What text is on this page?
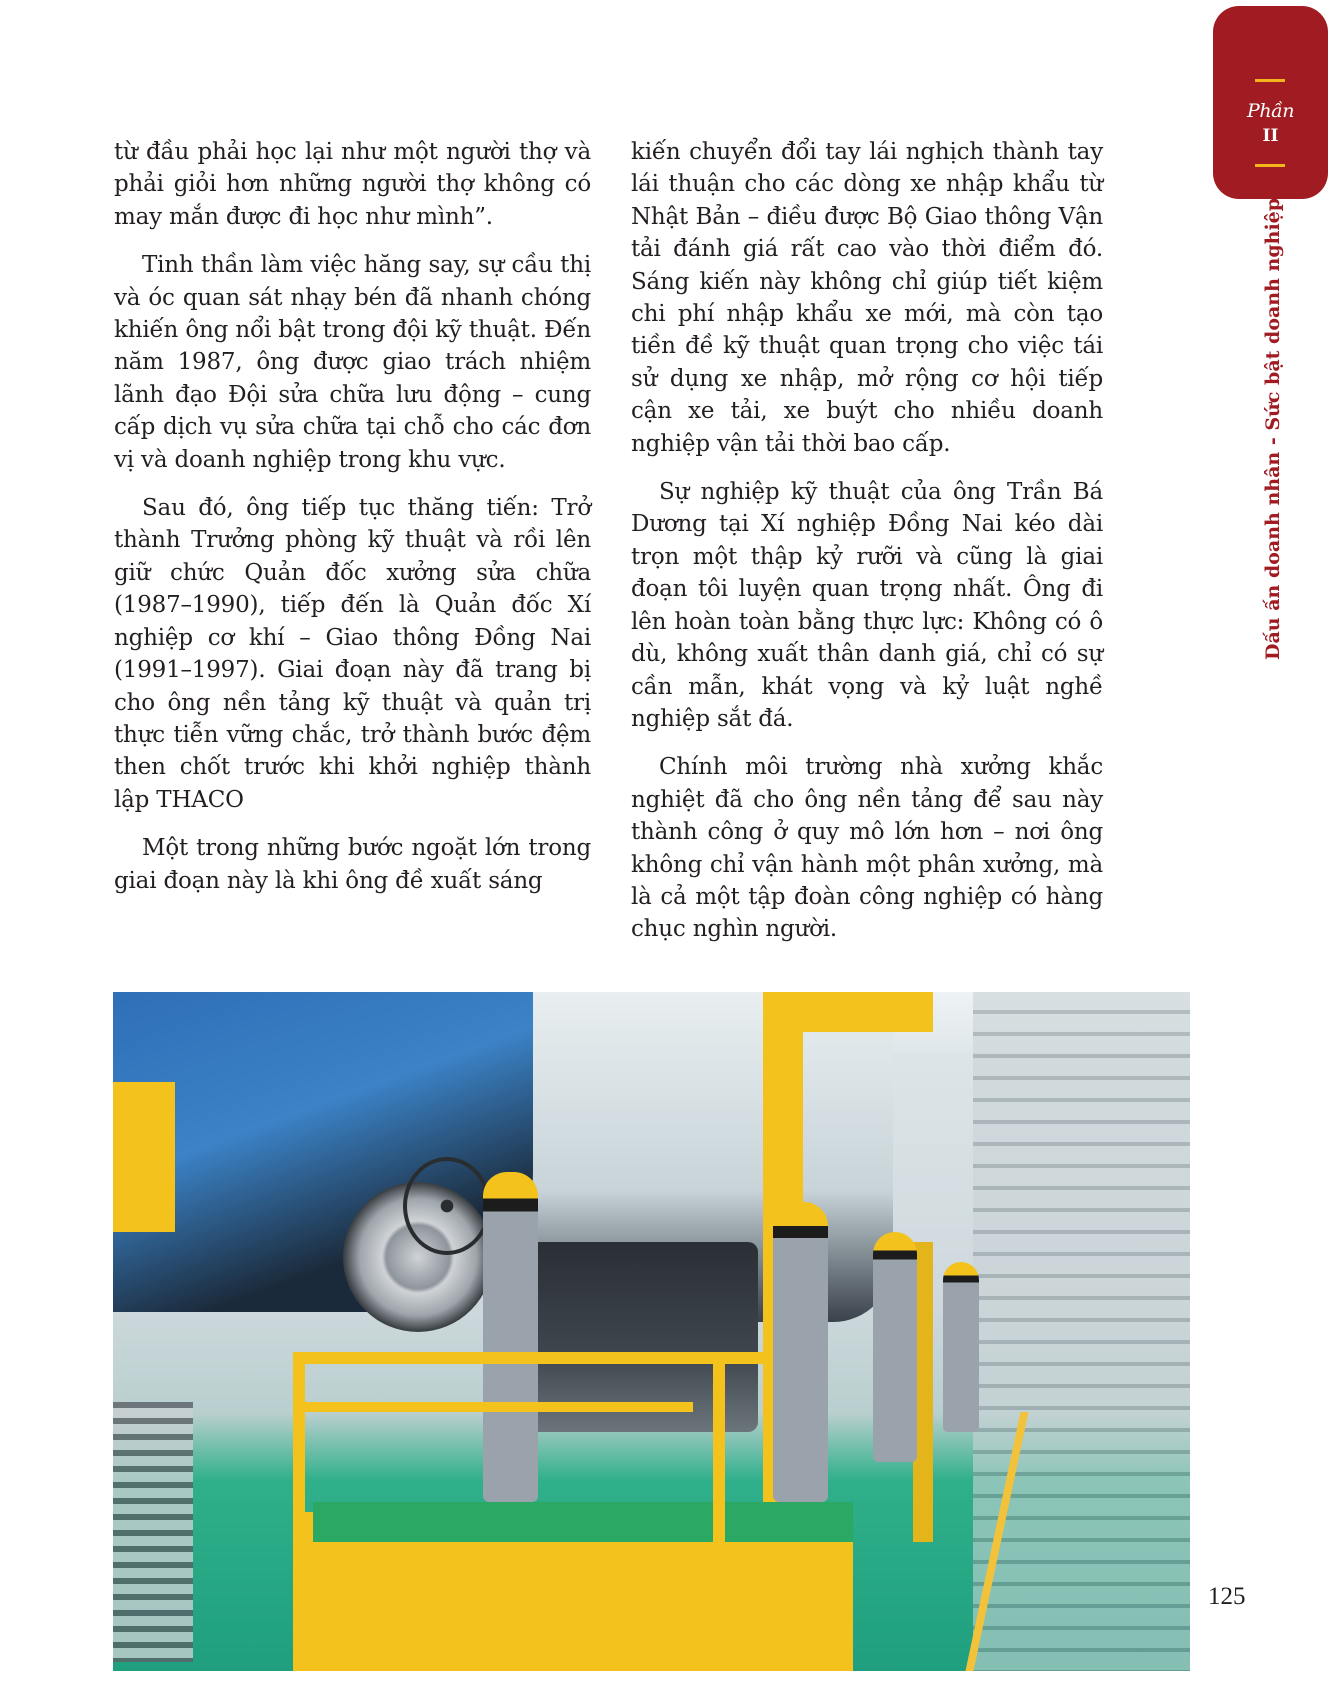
Phần
II
Dấu ấn doanh nhân - Sức bật doanh nghiệp

từ đầu phải học lại như một người thợ và phải giỏi hơn những người thợ không có may mắn được đi học như mình”.

Tinh thần làm việc hăng say, sự cầu thị và óc quan sát nhạy bén đã nhanh chóng khiến ông nổi bật trong đội kỹ thuật. Đến năm 1987, ông được giao trách nhiệm lãnh đạo Đội sửa chữa lưu động – cung cấp dịch vụ sửa chữa tại chỗ cho các đơn vị và doanh nghiệp trong khu vực.

Sau đó, ông tiếp tục thăng tiến: Trở thành Trưởng phòng kỹ thuật và rồi lên giữ chức Quản đốc xưởng sửa chữa (1987–1990), tiếp đến là Quản đốc Xí nghiệp cơ khí – Giao thông Đồng Nai (1991–1997). Giai đoạn này đã trang bị cho ông nền tảng kỹ thuật và quản trị thực tiễn vững chắc, trở thành bước đệm then chốt trước khi khởi nghiệp thành lập THACO

Một trong những bước ngoặt lớn trong giai đoạn này là khi ông đề xuất sáng

kiến chuyển đổi tay lái nghịch thành tay lái thuận cho các dòng xe nhập khẩu từ Nhật Bản – điều được Bộ Giao thông Vận tải đánh giá rất cao vào thời điểm đó. Sáng kiến này không chỉ giúp tiết kiệm chi phí nhập khẩu xe mới, mà còn tạo tiền đề kỹ thuật quan trọng cho việc tái sử dụng xe nhập, mở rộng cơ hội tiếp cận xe tải, xe buýt cho nhiều doanh nghiệp vận tải thời bao cấp.

Sự nghiệp kỹ thuật của ông Trần Bá Dương tại Xí nghiệp Đồng Nai kéo dài trọn một thập kỷ rưỡi và cũng là giai đoạn tôi luyện quan trọng nhất. Ông đi lên hoàn toàn bằng thực lực: Không có ô dù, không xuất thân danh giá, chỉ có sự cần mẫn, khát vọng và kỷ luật nghề nghiệp sắt đá.

Chính môi trường nhà xưởng khắc nghiệt đã cho ông nền tảng để sau này thành công ở quy mô lớn hơn – nơi ông không chỉ vận hành một phân xưởng, mà là cả một tập đoàn công nghiệp có hàng chục nghìn người.

125
